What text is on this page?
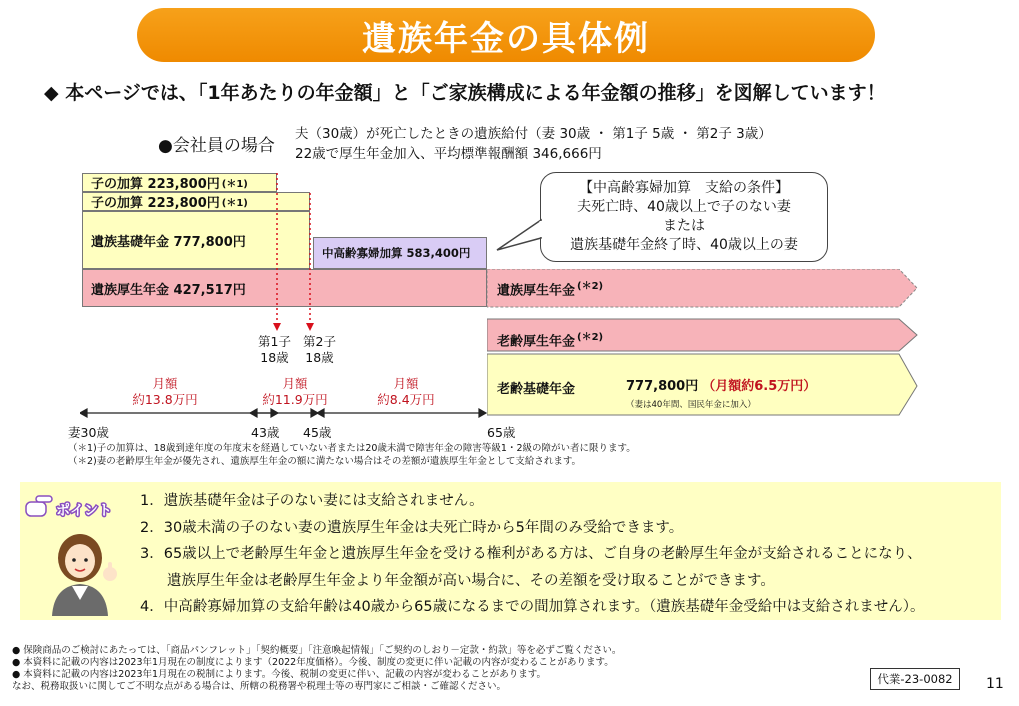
遺族年金の具体例
◆ 本ページでは、「1年あたりの年金額」と「ご家族構成による年金額の推移」を図解しています！
●会社員の場合
夫（30歳）が死亡したときの遺族給付（妻 30歳 ・ 第1子 5歳 ・ 第2子 3歳）
22歳で厚生年金加入、平均標準報酬額 346,666円
子の加算 223,800円 (＊1)
子の加算 223,800円 (＊1)
遺族基礎年金 777,800円
中高齢寡婦加算 583,400円
遺族厚生年金 427,517円	遺族厚生年金 $^{(*2)}$
老齢厚生年金 $^{(*2)}$
老齢基礎年金	777,800円 （月額約6.5万円）
（妻は40年間、国民年金に加入）
【中高齢寡婦加算　支給の条件】
夫死亡時、40歳以上で子のない妻
または
遺族基礎年金終了時、40歳以上の妻
第1子
18歳
第2子
18歳
月額
約13.8万円
月額
約11.9万円
月額
約8.4万円
妻30歳	43歳 45歳	65歳
（＊1)子の加算は、18歳到達年度の年度末を経過していない者または20歳未満で障害年金の障害等級1・2級の障がい者に限ります。
（＊2)妻の老齢厚生年金が優先され、遺族厚生年金の額に満たない場合はその差額が遺族厚生年金として支給されます。
ポイント
1．遺族基礎年金は子のない妻には支給されません。
2．30歳未満の子のない妻の遺族厚生年金は夫死亡時から5年間のみ受給できます。
3．65歳以上で老齢厚生年金と遺族厚生年金を受ける権利がある方は、ご自身の老齢厚生年金が支給されることになり、
遺族厚生年金は老齢厚生年金より年金額が高い場合に、その差額を受け取ることができます。
4．中高齢寡婦加算の支給年齢は40歳から65歳になるまでの間加算されます。（遺族基礎年金受給中は支給されません）。
● 保険商品のご検討にあたっては、「商品パンフレット」「契約概要」「注意喚起情報」「ご契約のしおり－定款・約款」等を必ずご覧ください。
● 本資料に記載の内容は2023年1月現在の制度によります（2022年度価格）。今後、制度の変更に伴い記載の内容が変わることがあります。
● 本資料に記載の内容は2023年1月現在の税制によります。今後、税制の変更に伴い、記載の内容が変わることがあります。
なお、税務取扱いに関してご不明な点がある場合は、所轄の税務署や税理士等の専門家にご相談・ご確認ください。
代業-23-0082	11
